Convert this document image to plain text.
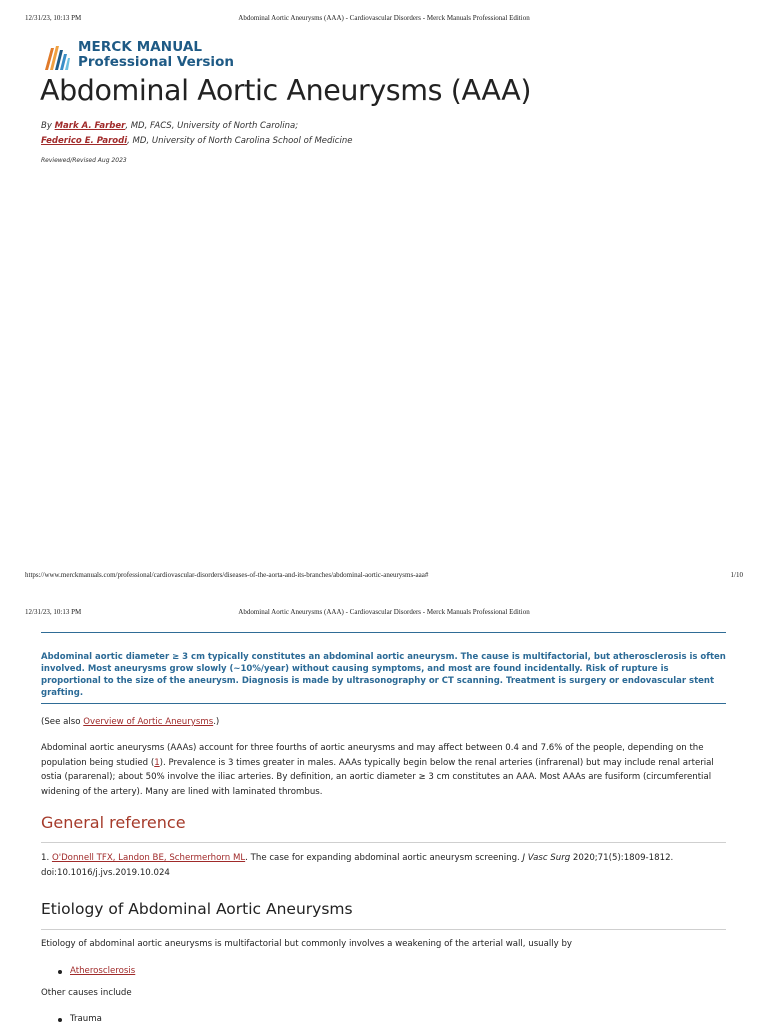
12/31/23, 10:13 PM	Abdominal Aortic Aneurysms (AAA) - Cardiovascular Disorders - Merck Manuals Professional Edition
MERCK MANUAL
Professional Version
Abdominal Aortic Aneurysms (AAA)
By Mark A. Farber, MD, FACS, University of North Carolina;
Federico E. Parodi, MD, University of North Carolina School of Medicine
Reviewed/Revised Aug 2023
https://www.merckmanuals.com/professional/cardiovascular-disorders/diseases-of-the-aorta-and-its-branches/abdominal-aortic-aneurysms-aaa#	1/10
12/31/23, 10:13 PM	Abdominal Aortic Aneurysms (AAA) - Cardiovascular Disorders - Merck Manuals Professional Edition
Abdominal aortic diameter ≥ 3 cm typically constitutes an abdominal aortic aneurysm. The cause is multifactorial, but atherosclerosis is often involved. Most aneurysms grow slowly (~10%/year) without causing symptoms, and most are found incidentally. Risk of rupture is proportional to the size of the aneurysm. Diagnosis is made by ultrasonography or CT scanning. Treatment is surgery or endovascular stent grafting.
(See also Overview of Aortic Aneurysms.)
Abdominal aortic aneurysms (AAAs) account for three fourths of aortic aneurysms and may affect between 0.4 and 7.6% of the people, depending on the population being studied (1). Prevalence is 3 times greater in males. AAAs typically begin below the renal arteries (infrarenal) but may include renal arterial ostia (pararenal); about 50% involve the iliac arteries. By definition, an aortic diameter ≥ 3 cm constitutes an AAA. Most AAAs are fusiform (circumferential widening of the artery). Many are lined with laminated thrombus.
General reference
1. O'Donnell TFX, Landon BE, Schermerhorn ML. The case for expanding abdominal aortic aneurysm screening. J Vasc Surg 2020;71(5):1809-1812. doi:10.1016/j.jvs.2019.10.024
Etiology of Abdominal Aortic Aneurysms
Etiology of abdominal aortic aneurysms is multifactorial but commonly involves a weakening of the arterial wall, usually by
Atherosclerosis
Other causes include
Trauma
